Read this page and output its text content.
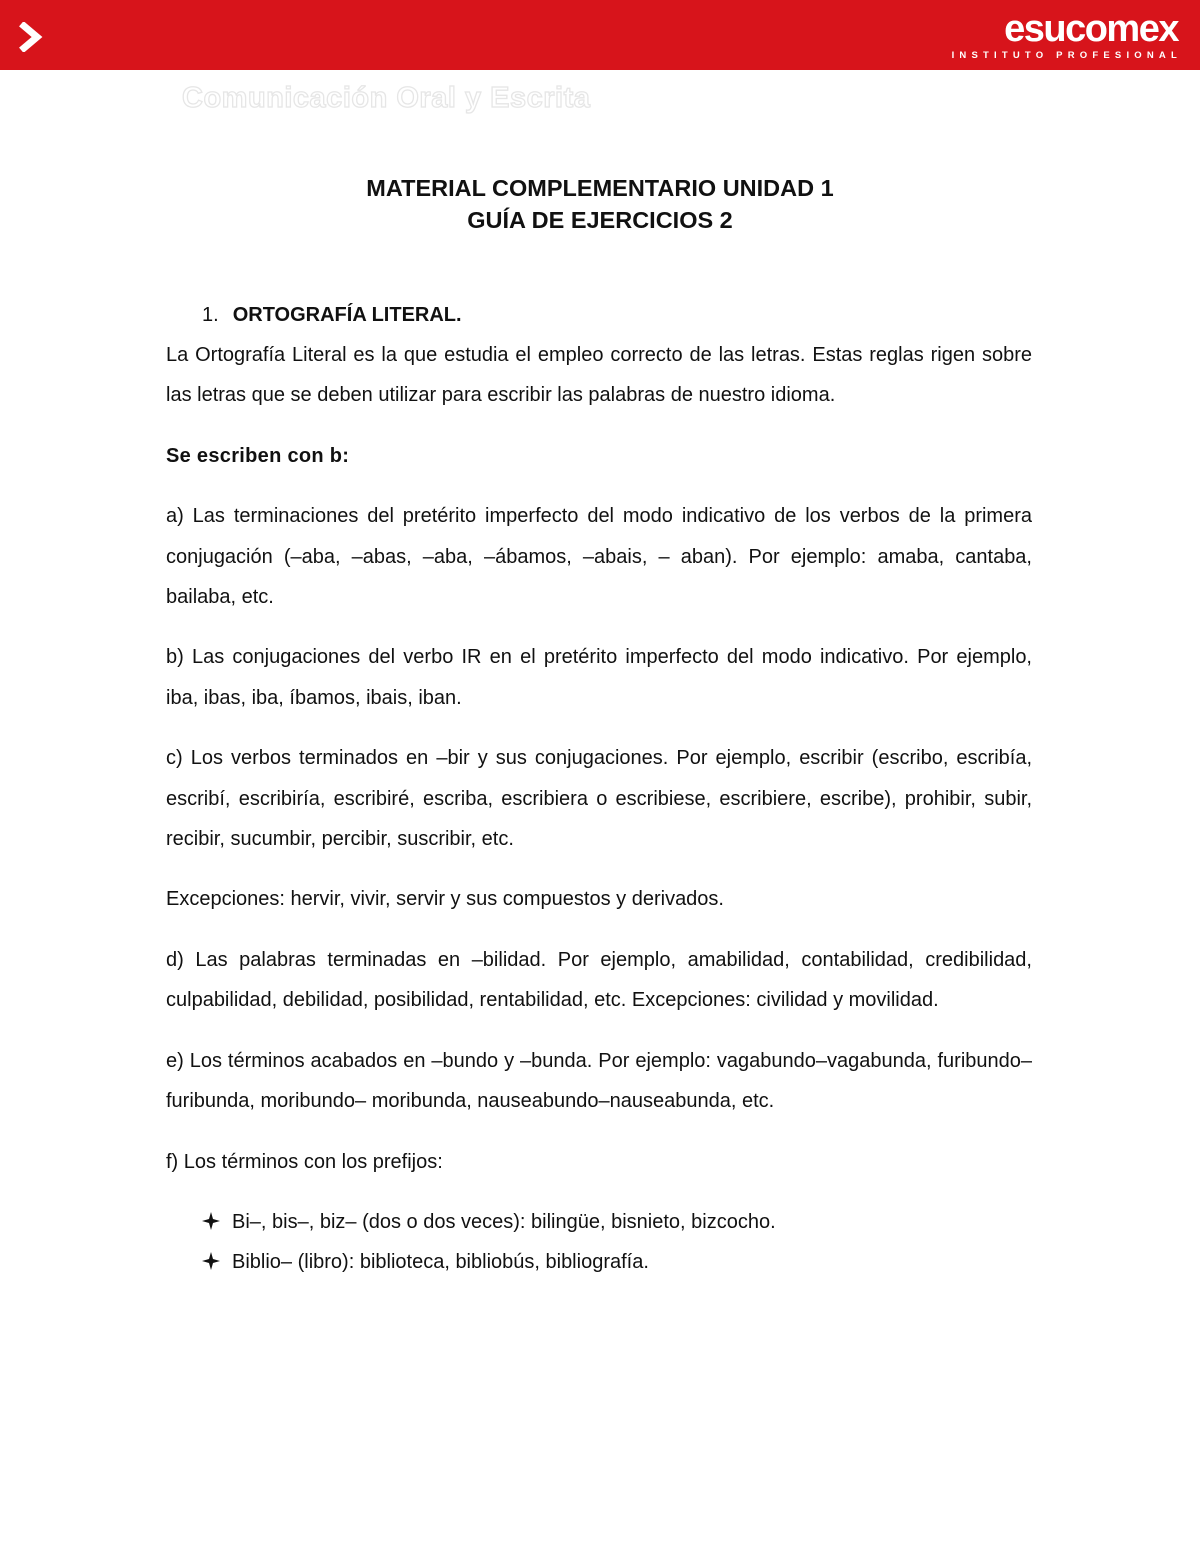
esucomex
INSTITUTO PROFESIONAL
Comunicación Oral y Escrita
MATERIAL COMPLEMENTARIO UNIDAD 1
GUÍA DE EJERCICIOS 2
1. ORTOGRAFÍA LITERAL.

La Ortografía Literal es la que estudia el empleo correcto de las letras. Estas reglas rigen sobre las letras que se deben utilizar para escribir las palabras de nuestro idioma.

Se escriben con b:

a) Las terminaciones del pretérito imperfecto del modo indicativo de los verbos de la primera conjugación (–aba, –abas, –aba, –ábamos, –abais, – aban). Por ejemplo: amaba, cantaba, bailaba, etc.

b) Las conjugaciones del verbo IR en el pretérito imperfecto del modo indicativo. Por ejemplo, iba, ibas, iba, íbamos, ibais, iban.

c) Los verbos terminados en –bir y sus conjugaciones. Por ejemplo, escribir (escribo, escribía, escribí, escribiría, escribiré, escriba, escribiera o escribiese, escribiere, escribe), prohibir, subir, recibir, sucumbir, percibir, suscribir, etc.

Excepciones: hervir, vivir, servir y sus compuestos y derivados.

d) Las palabras terminadas en –bilidad. Por ejemplo, amabilidad, contabilidad, credibilidad, culpabilidad, debilidad, posibilidad, rentabilidad, etc. Excepciones: civilidad y movilidad.

e) Los términos acabados en –bundo y –bunda. Por ejemplo: vagabundo–vagabunda, furibundo–furibunda, moribundo– moribunda, nauseabundo–nauseabunda, etc.

f) Los términos con los prefijos:

Bi–, bis–, biz– (dos o dos veces): bilingüe, bisnieto, bizcocho.
Biblio– (libro): biblioteca, bibliobús, bibliografía.
